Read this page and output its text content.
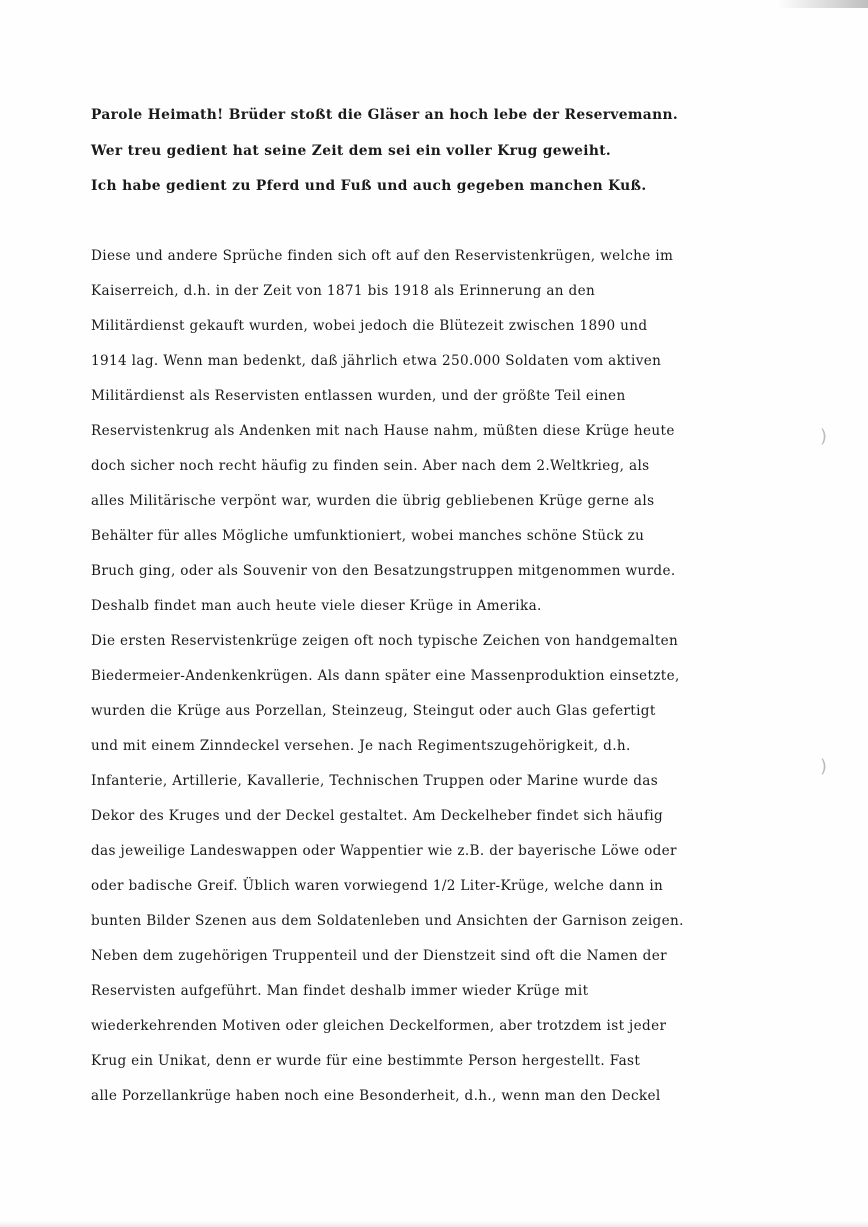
Parole Heimath! Brüder stoßt die Gläser an hoch lebe der Reservemann.
Wer treu gedient hat seine Zeit dem sei ein voller Krug geweiht.
Ich habe gedient zu Pferd und Fuß und auch gegeben manchen Kuß.
Diese und andere Sprüche finden sich oft auf den Reservistenkrügen, welche im
Kaiserreich, d.h. in der Zeit von 1871 bis 1918 als Erinnerung an den
Militärdienst gekauft wurden, wobei jedoch die Blütezeit zwischen 1890 und
1914 lag. Wenn man bedenkt, daß jährlich etwa 250.000 Soldaten vom aktiven
Militärdienst als Reservisten entlassen wurden, und der größte Teil einen
Reservistenkrug als Andenken mit nach Hause nahm, müßten diese Krüge heute
doch sicher noch recht häufig zu finden sein. Aber nach dem 2.Weltkrieg, als
alles Militärische verpönt war, wurden die übrig gebliebenen Krüge gerne als
Behälter für alles Mögliche umfunktioniert, wobei manches schöne Stück zu
Bruch ging, oder als Souvenir von den Besatzungstruppen mitgenommen wurde.
Deshalb findet man auch heute viele dieser Krüge in Amerika.
Die ersten Reservistenkrüge zeigen oft noch typische Zeichen von handgemalten
Biedermeier-Andenkenkrügen. Als dann später eine Massenproduktion einsetzte,
wurden die Krüge aus Porzellan, Steinzeug, Steingut oder auch Glas gefertigt
und mit einem Zinndeckel versehen. Je nach Regimentszugehörigkeit, d.h.
Infanterie, Artillerie, Kavallerie, Technischen Truppen oder Marine wurde das
Dekor des Kruges und der Deckel gestaltet. Am Deckelheber findet sich häufig
das jeweilige Landeswappen oder Wappentier wie z.B. der bayerische Löwe oder
oder badische Greif. Üblich waren vorwiegend 1/2 Liter-Krüge, welche dann in
bunten Bilder Szenen aus dem Soldatenleben und Ansichten der Garnison zeigen.
Neben dem zugehörigen Truppenteil und der Dienstzeit sind oft die Namen der
Reservisten aufgeführt. Man findet deshalb immer wieder Krüge mit
wiederkehrenden Motiven oder gleichen Deckelformen, aber trotzdem ist jeder
Krug ein Unikat, denn er wurde für eine bestimmte Person hergestellt. Fast
alle Porzellankrüge haben noch eine Besonderheit, d.h., wenn man den Deckel
)
)
